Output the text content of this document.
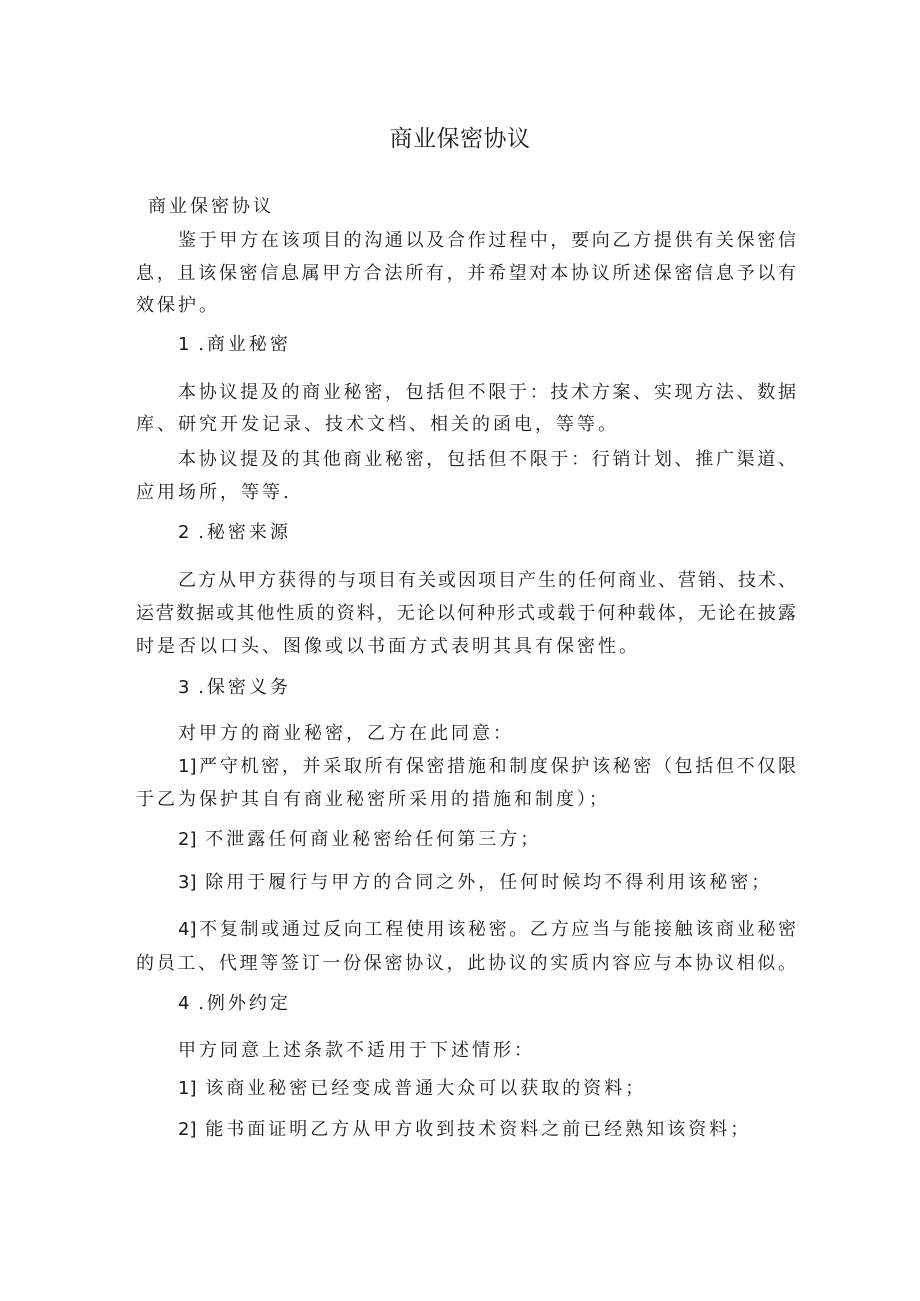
商业保密协议
商业保密协议
鉴于甲方在该项目的沟通以及合作过程中，要向乙方提供有关保密信
息，且该保密信息属甲方合法所有，并希望对本协议所述保密信息予以有
效保护。
1 .商业秘密
本协议提及的商业秘密，包括但不限于：技术方案、实现方法、数据
库、研究开发记录、技术文档、相关的函电，等等。
本协议提及的其他商业秘密，包括但不限于：行销计划、推广渠道、
应用场所，等等.
2 .秘密来源
乙方从甲方获得的与项目有关或因项目产生的任何商业、营销、技术、
运营数据或其他性质的资料，无论以何种形式或载于何种载体，无论在披露
时是否以口头、图像或以书面方式表明其具有保密性。
3 .保密义务
对甲方的商业秘密，乙方在此同意：
1]严守机密，并采取所有保密措施和制度保护该秘密（包括但不仅限
于乙为保护其自有商业秘密所采用的措施和制度）；
2] 不泄露任何商业秘密给任何第三方；
3] 除用于履行与甲方的合同之外，任何时候均不得利用该秘密；
4]不复制或通过反向工程使用该秘密。乙方应当与能接触该商业秘密
的员工、代理等签订一份保密协议，此协议的实质内容应与本协议相似。
4 .例外约定
甲方同意上述条款不适用于下述情形：
1] 该商业秘密已经变成普通大众可以获取的资料；
2] 能书面证明乙方从甲方收到技术资料之前已经熟知该资料；
